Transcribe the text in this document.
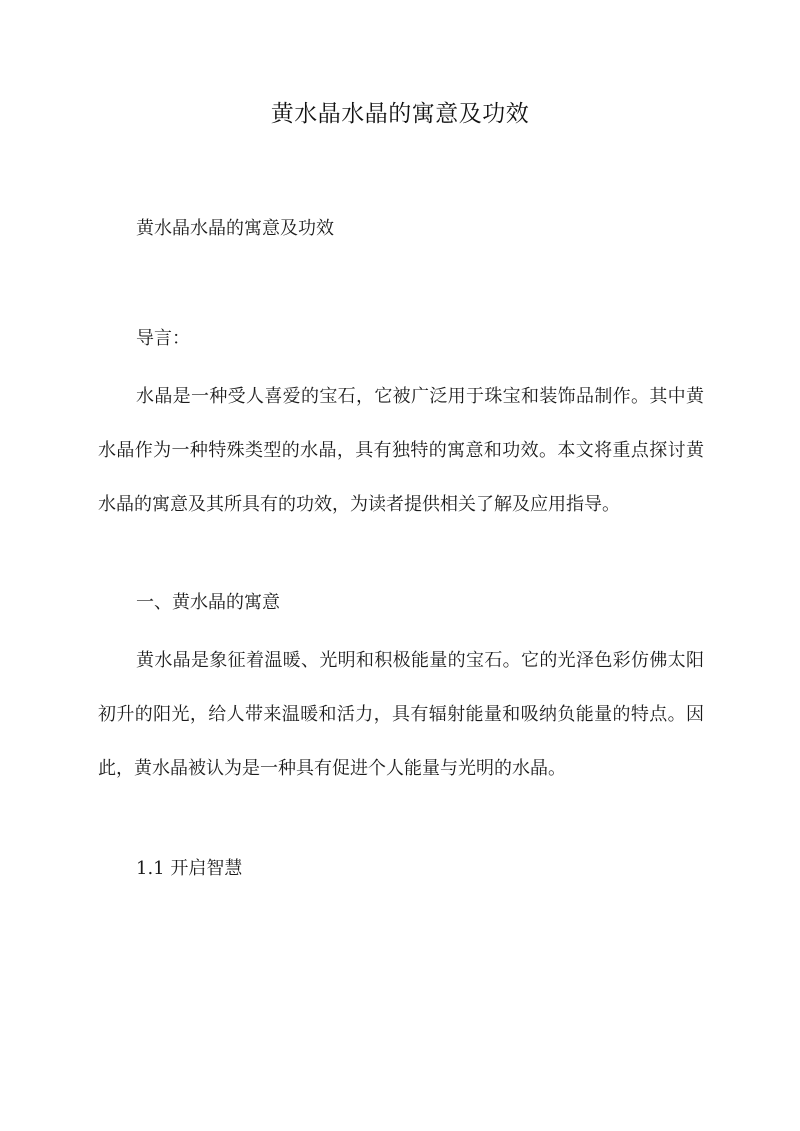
黄水晶水晶的寓意及功效
黄水晶水晶的寓意及功效
导言：
水晶是一种受人喜爱的宝石，它被广泛用于珠宝和装饰品制作。其中黄水晶作为一种特殊类型的水晶，具有独特的寓意和功效。本文将重点探讨黄水晶的寓意及其所具有的功效，为读者提供相关了解及应用指导。
一、黄水晶的寓意
黄水晶是象征着温暖、光明和积极能量的宝石。它的光泽色彩仿佛太阳初升的阳光，给人带来温暖和活力，具有辐射能量和吸纳负能量的特点。因此，黄水晶被认为是一种具有促进个人能量与光明的水晶。
1.1 开启智慧
